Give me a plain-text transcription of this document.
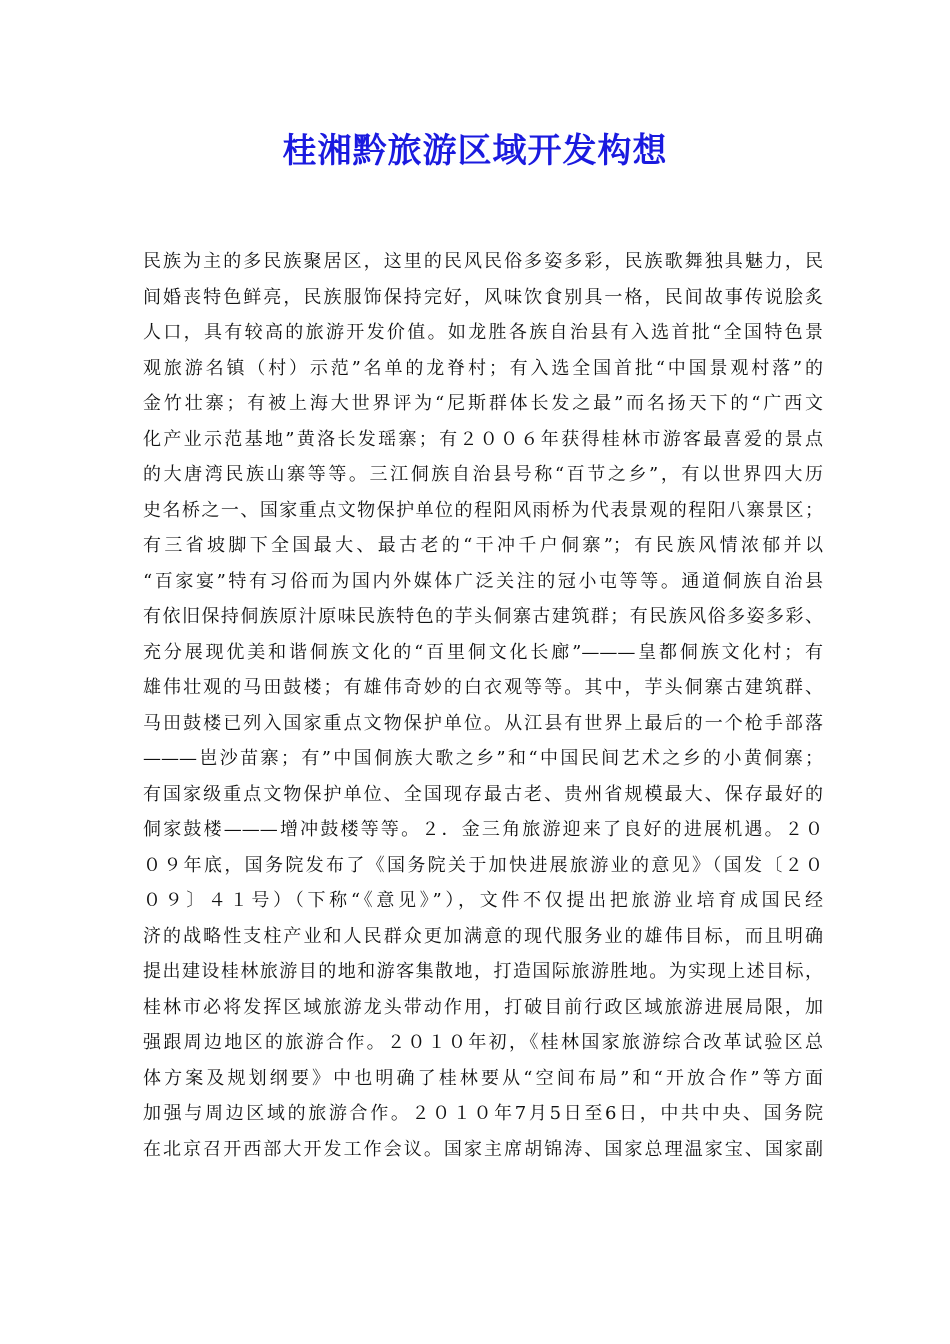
桂湘黔旅游区域开发构想
民族为主的多民族聚居区，这里的民风民俗多姿多彩，民族歌舞独具魅力，民
间婚丧特色鲜亮，民族服饰保持完好，风味饮食别具一格，民间故事传说脍炙
人口，具有较高的旅游开发价值。如龙胜各族自治县有入选首批“全国特色景
观旅游名镇（村）示范”名单的龙脊村；有入选全国首批“中国景观村落”的
金竹壮寨；有被上海大世界评为“尼斯群体长发之最”而名扬天下的“广西文
化产业示范基地”黄洛长发瑶寨；有２００６年获得桂林市游客最喜爱的景点
的大唐湾民族山寨等等。三江侗族自治县号称“百节之乡”，有以世界四大历
史名桥之一、国家重点文物保护单位的程阳风雨桥为代表景观的程阳八寨景区；
有三省坡脚下全国最大、最古老的“干冲千户侗寨”；有民族风情浓郁并以
“百家宴”特有习俗而为国内外媒体广泛关注的冠小屯等等。通道侗族自治县
有依旧保持侗族原汁原味民族特色的芋头侗寨古建筑群；有民族风俗多姿多彩、
充分展现优美和谐侗族文化的“百里侗文化长廊”———皇都侗族文化村；有
雄伟壮观的马田鼓楼；有雄伟奇妙的白衣观等等。其中，芋头侗寨古建筑群、
马田鼓楼已列入国家重点文物保护单位。从江县有世界上最后的一个枪手部落
———岜沙苗寨；有”中国侗族大歌之乡”和“中国民间艺术之乡的小黄侗寨；
有国家级重点文物保护单位、全国现存最古老、贵州省规模最大、保存最好的
侗家鼓楼———增冲鼓楼等等。２．金三角旅游迎来了良好的进展机遇。２０
０９年底，国务院发布了《国务院关于加快进展旅游业的意见》（国发〔２０
０９〕４１号）（下称“《意见》”），文件不仅提出把旅游业培育成国民经
济的战略性支柱产业和人民群众更加满意的现代服务业的雄伟目标，而且明确
提出建设桂林旅游目的地和游客集散地，打造国际旅游胜地。为实现上述目标，
桂林市必将发挥区域旅游龙头带动作用，打破目前行政区域旅游进展局限，加
强跟周边地区的旅游合作。２０１０年初，《桂林国家旅游综合改革试验区总
体方案及规划纲要》中也明确了桂林要从“空间布局”和“开放合作”等方面
加强与周边区域的旅游合作。２０１０年7月5日至6日，中共中央、国务院
在北京召开西部大开发工作会议。国家主席胡锦涛、国家总理温家宝、国家副
